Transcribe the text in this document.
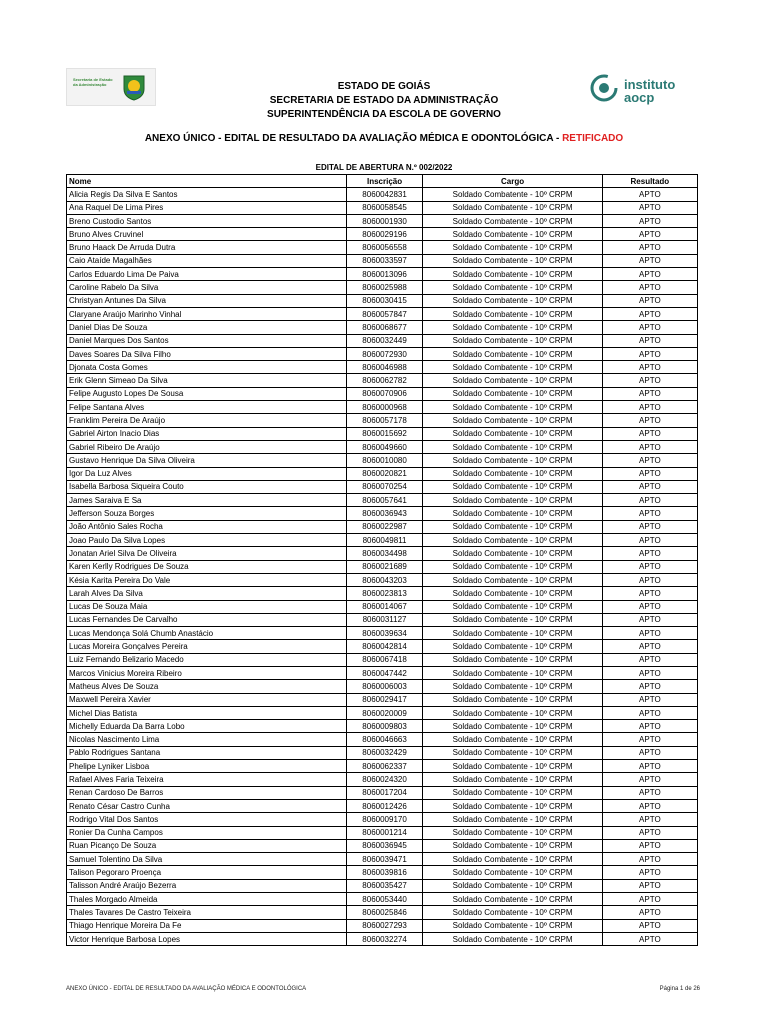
Secretaria de Estado da Administração	instituto
aocp
ESTADO DE GOIÁS
SECRETARIA DE ESTADO DA ADMINISTRAÇÃO
SUPERINTENDÊNCIA DA ESCOLA DE GOVERNO
ANEXO ÚNICO - EDITAL DE RESULTADO DA AVALIAÇÃO MÉDICA E ODONTOLÓGICA - RETIFICADO
EDITAL DE ABERTURA N.º 002/2022
Nome	Inscrição	Cargo	Resultado
Alicia Regis Da Silva E Santos	8060042831	Soldado Combatente - 10º CRPM	APTO
Ana Raquel De Lima Pires	8060058545	Soldado Combatente - 10º CRPM	APTO
Breno Custodio Santos	8060001930	Soldado Combatente - 10º CRPM	APTO
Bruno Alves Cruvinel	8060029196	Soldado Combatente - 10º CRPM	APTO
Bruno Haack De Arruda Dutra	8060056558	Soldado Combatente - 10º CRPM	APTO
Caio Ataíde Magalhães	8060033597	Soldado Combatente - 10º CRPM	APTO
Carlos Eduardo Lima De Paiva	8060013096	Soldado Combatente - 10º CRPM	APTO
Caroline Rabelo Da Silva	8060025988	Soldado Combatente - 10º CRPM	APTO
Christyan Antunes Da Silva	8060030415	Soldado Combatente - 10º CRPM	APTO
Claryane Araújo Marinho Vinhal	8060057847	Soldado Combatente - 10º CRPM	APTO
Daniel Dias De Souza	8060068677	Soldado Combatente - 10º CRPM	APTO
Daniel Marques Dos Santos	8060032449	Soldado Combatente - 10º CRPM	APTO
Daves Soares Da Silva Filho	8060072930	Soldado Combatente - 10º CRPM	APTO
Djonata Costa Gomes	8060046988	Soldado Combatente - 10º CRPM	APTO
Erik Glenn Simeao Da Silva	8060062782	Soldado Combatente - 10º CRPM	APTO
Felipe Augusto Lopes De Sousa	8060070906	Soldado Combatente - 10º CRPM	APTO
Felipe Santana Alves	8060000968	Soldado Combatente - 10º CRPM	APTO
Franklim Pereira De Araújo	8060057178	Soldado Combatente - 10º CRPM	APTO
Gabriel Airton Inacio Dias	8060015692	Soldado Combatente - 10º CRPM	APTO
Gabriel Ribeiro De Araújo	8060049660	Soldado Combatente - 10º CRPM	APTO
Gustavo Henrique Da Silva Oliveira	8060010080	Soldado Combatente - 10º CRPM	APTO
Igor Da Luz Alves	8060020821	Soldado Combatente - 10º CRPM	APTO
Isabella Barbosa Siqueira Couto	8060070254	Soldado Combatente - 10º CRPM	APTO
James Saraiva E Sa	8060057641	Soldado Combatente - 10º CRPM	APTO
Jefferson Souza Borges	8060036943	Soldado Combatente - 10º CRPM	APTO
João Antônio Sales Rocha	8060022987	Soldado Combatente - 10º CRPM	APTO
Joao Paulo Da Silva Lopes	8060049811	Soldado Combatente - 10º CRPM	APTO
Jonatan Ariel Silva De Oliveira	8060034498	Soldado Combatente - 10º CRPM	APTO
Karen Kerlly Rodrigues De Souza	8060021689	Soldado Combatente - 10º CRPM	APTO
Késia Karita Pereira Do Vale	8060043203	Soldado Combatente - 10º CRPM	APTO
Larah Alves Da Silva	8060023813	Soldado Combatente - 10º CRPM	APTO
Lucas De Souza Maia	8060014067	Soldado Combatente - 10º CRPM	APTO
Lucas Fernandes De Carvalho	8060031127	Soldado Combatente - 10º CRPM	APTO
Lucas Mendonça Solá Chumb Anastácio	8060039634	Soldado Combatente - 10º CRPM	APTO
Lucas Moreira Gonçalves Pereira	8060042814	Soldado Combatente - 10º CRPM	APTO
Luiz Fernando Belizario Macedo	8060067418	Soldado Combatente - 10º CRPM	APTO
Marcos Vinicius Moreira Ribeiro	8060047442	Soldado Combatente - 10º CRPM	APTO
Matheus Alves De Souza	8060006003	Soldado Combatente - 10º CRPM	APTO
Maxwell Pereira Xavier	8060029417	Soldado Combatente - 10º CRPM	APTO
Michel Dias Batista	8060020009	Soldado Combatente - 10º CRPM	APTO
Michelly Eduarda Da Barra Lobo	8060009803	Soldado Combatente - 10º CRPM	APTO
Nicolas Nascimento Lima	8060046663	Soldado Combatente - 10º CRPM	APTO
Pablo Rodrigues Santana	8060032429	Soldado Combatente - 10º CRPM	APTO
Phelipe Lyniker Lisboa	8060062337	Soldado Combatente - 10º CRPM	APTO
Rafael Alves Faria Teixeira	8060024320	Soldado Combatente - 10º CRPM	APTO
Renan Cardoso De Barros	8060017204	Soldado Combatente - 10º CRPM	APTO
Renato César Castro Cunha	8060012426	Soldado Combatente - 10º CRPM	APTO
Rodrigo Vital Dos Santos	8060009170	Soldado Combatente - 10º CRPM	APTO
Ronier Da Cunha Campos	8060001214	Soldado Combatente - 10º CRPM	APTO
Ruan Picanço De Souza	8060036945	Soldado Combatente - 10º CRPM	APTO
Samuel Tolentino Da Silva	8060039471	Soldado Combatente - 10º CRPM	APTO
Talison Pegoraro Proença	8060039816	Soldado Combatente - 10º CRPM	APTO
Talisson André Araújo Bezerra	8060035427	Soldado Combatente - 10º CRPM	APTO
Thales Morgado Almeida	8060053440	Soldado Combatente - 10º CRPM	APTO
Thales Tavares De Castro Teixeira	8060025846	Soldado Combatente - 10º CRPM	APTO
Thiago Henrique Moreira Da Fe	8060027293	Soldado Combatente - 10º CRPM	APTO
Victor Henrique Barbosa Lopes	8060032274	Soldado Combatente - 10º CRPM	APTO
ANEXO ÚNICO - EDITAL DE RESULTADO DA AVALIAÇÃO MÉDICA E ODONTOLÓGICA	Página 1 de 26
